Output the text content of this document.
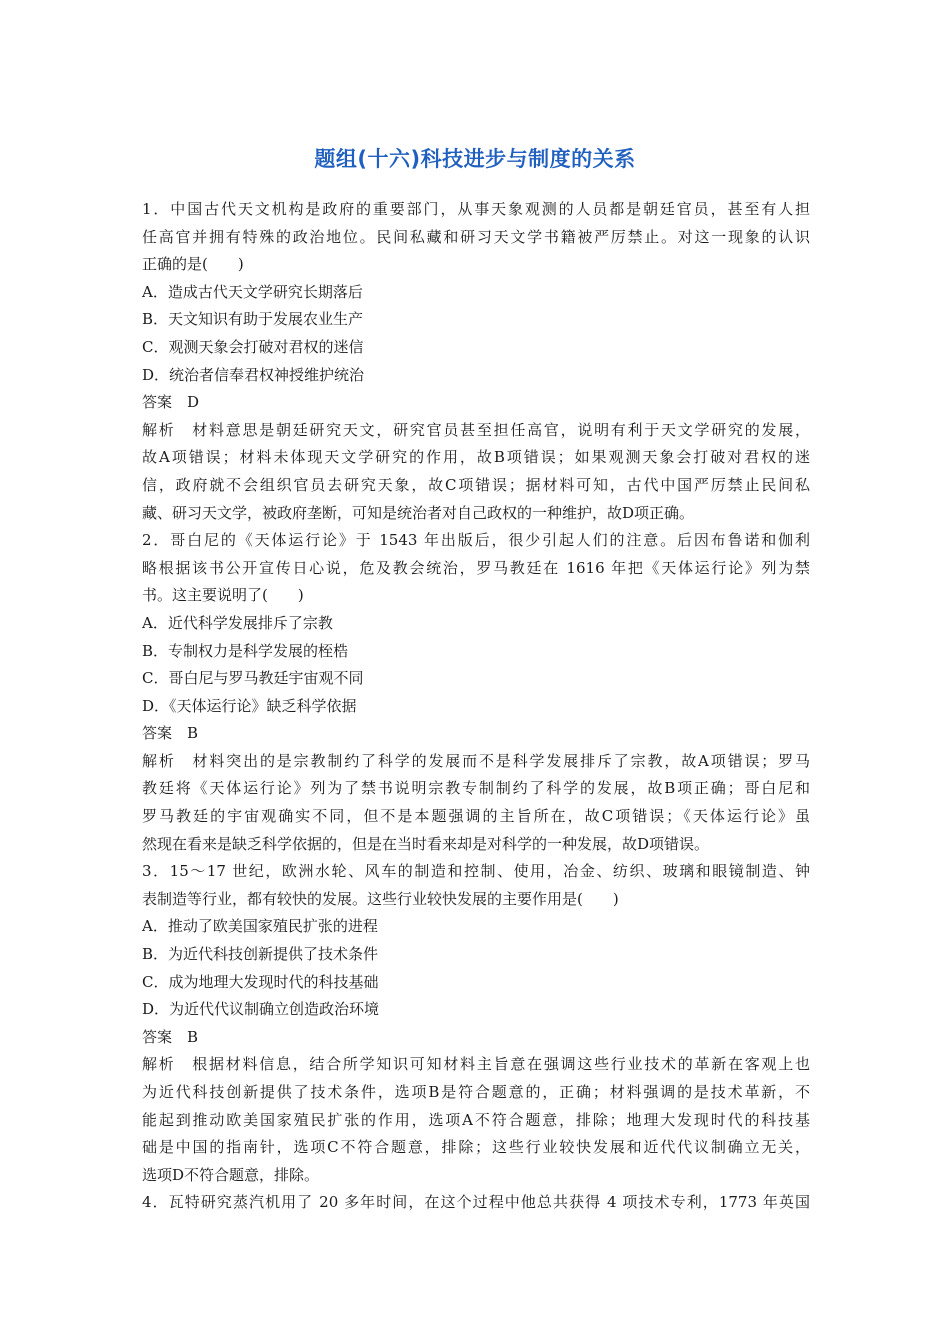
题组(十六)科技进步与制度的关系
1．中国古代天文机构是政府的重要部门，从事天象观测的人员都是朝廷官员，甚至有人担
任高官并拥有特殊的政治地位。民间私藏和研习天文学书籍被严厉禁止。对这一现象的认识
正确的是(　　)
A．造成古代天文学研究长期落后
B．天文知识有助于发展农业生产
C．观测天象会打破对君权的迷信
D．统治者信奉君权神授维护统治
答案　D
解析　材料意思是朝廷研究天文，研究官员甚至担任高官，说明有利于天文学研究的发展，
故A项错误；材料未体现天文学研究的作用，故B项错误；如果观测天象会打破对君权的迷
信，政府就不会组织官员去研究天象，故C项错误；据材料可知，古代中国严厉禁止民间私
藏、研习天文学，被政府垄断，可知是统治者对自己政权的一种维护，故D项正确。
2．哥白尼的《天体运行论》于 1543 年出版后，很少引起人们的注意。后因布鲁诺和伽利
略根据该书公开宣传日心说，危及教会统治，罗马教廷在 1616 年把《天体运行论》列为禁
书。这主要说明了(　　)
A．近代科学发展排斥了宗教
B．专制权力是科学发展的桎梏
C．哥白尼与罗马教廷宇宙观不同
D．《天体运行论》缺乏科学依据
答案　B
解析　材料突出的是宗教制约了科学的发展而不是科学发展排斥了宗教，故A项错误；罗马
教廷将《天体运行论》列为了禁书说明宗教专制制约了科学的发展，故B项正确；哥白尼和
罗马教廷的宇宙观确实不同，但不是本题强调的主旨所在，故C项错误；《天体运行论》虽
然现在看来是缺乏科学依据的，但是在当时看来却是对科学的一种发展，故D项错误。
3．15～17 世纪，欧洲水轮、风车的制造和控制、使用，冶金、纺织、玻璃和眼镜制造、钟
表制造等行业，都有较快的发展。这些行业较快发展的主要作用是(　　)
A．推动了欧美国家殖民扩张的进程
B．为近代科技创新提供了技术条件
C．成为地理大发现时代的科技基础
D．为近代代议制确立创造政治环境
答案　B
解析　根据材料信息，结合所学知识可知材料主旨意在强调这些行业技术的革新在客观上也
为近代科技创新提供了技术条件，选项B是符合题意的，正确；材料强调的是技术革新，不
能起到推动欧美国家殖民扩张的作用，选项A不符合题意，排除；地理大发现时代的科技基
础是中国的指南针，选项C不符合题意，排除；这些行业较快发展和近代代议制确立无关，
选项D不符合题意，排除。
4．瓦特研究蒸汽机用了 20 多年时间，在这个过程中他总共获得 4 项技术专利，1773 年英国
